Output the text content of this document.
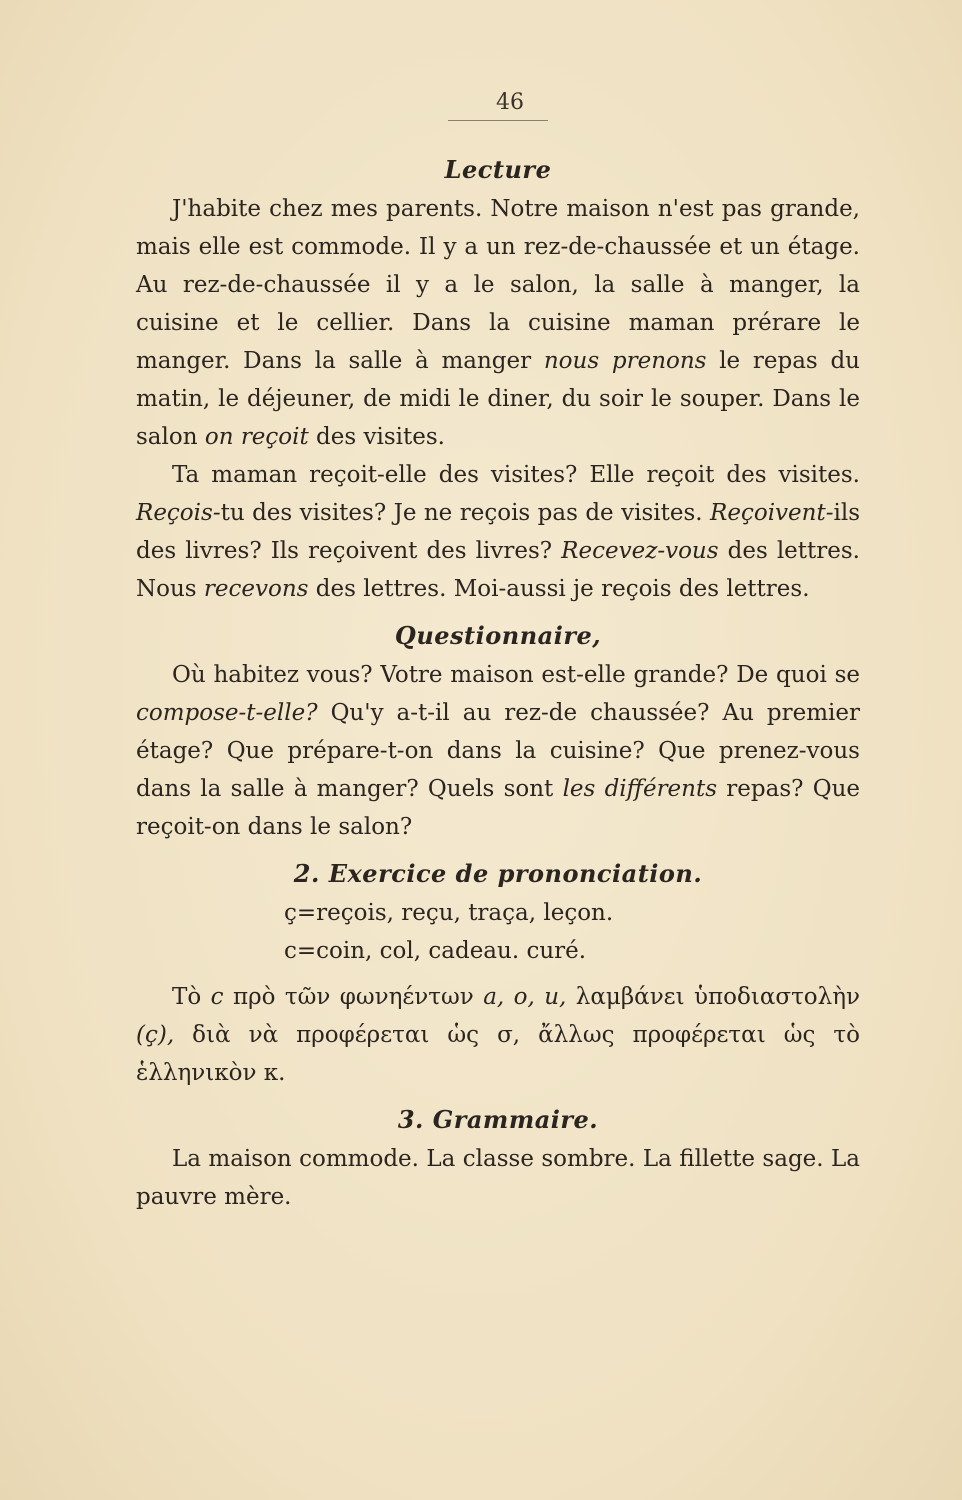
46
Lecture

J'habite chez mes parents. Notre maison n'est pas grande, mais elle est commode. Il y a un rez-de-chaussée et un étage. Au rez-de-chaussée il y a le salon, la salle à manger, la cuisine et le cellier. Dans la cuisine maman prérare le manger. Dans la salle à manger nous prenons le repas du matin, le déjeuner, de midi le diner, du soir le souper. Dans le salon on reçoit des visites.

Ta maman reçoit-elle des visites? Elle reçoit des visites. Reçois-tu des visites? Je ne reçois pas de visites. Reçoivent-ils des livres? Ils reçoivent des livres? Recevez-vous des lettres. Nous recevons des lettres. Moi-aussi je reçois des lettres.

Questionnaire,

Où habitez vous? Votre maison est-elle grande? De quoi se compose-t-elle? Qu'y a-t-il au rez-de chaussée? Au premier étage? Que prépare-t-on dans la cuisine? Que prenez-vous dans la salle à manger? Quels sont les différents repas? Que reçoit-on dans le salon?

2. Exercice de prononciation.

ç=reçois, reçu, traça, leçon.

c=coin, col, cadeau. curé.

Τὸ c πρὸ τῶν φωνηέντων a, o, u, λαμβάνει ὑποδιαστολὴν (ç), διὰ νὰ προφέρεται ὡς σ, ἄλλως προφέρεται ὡς τὸ ἑλληνικὸν κ.

3. Grammaire.

La maison commode. La classe sombre. La fillette sage. La pauvre mère.
